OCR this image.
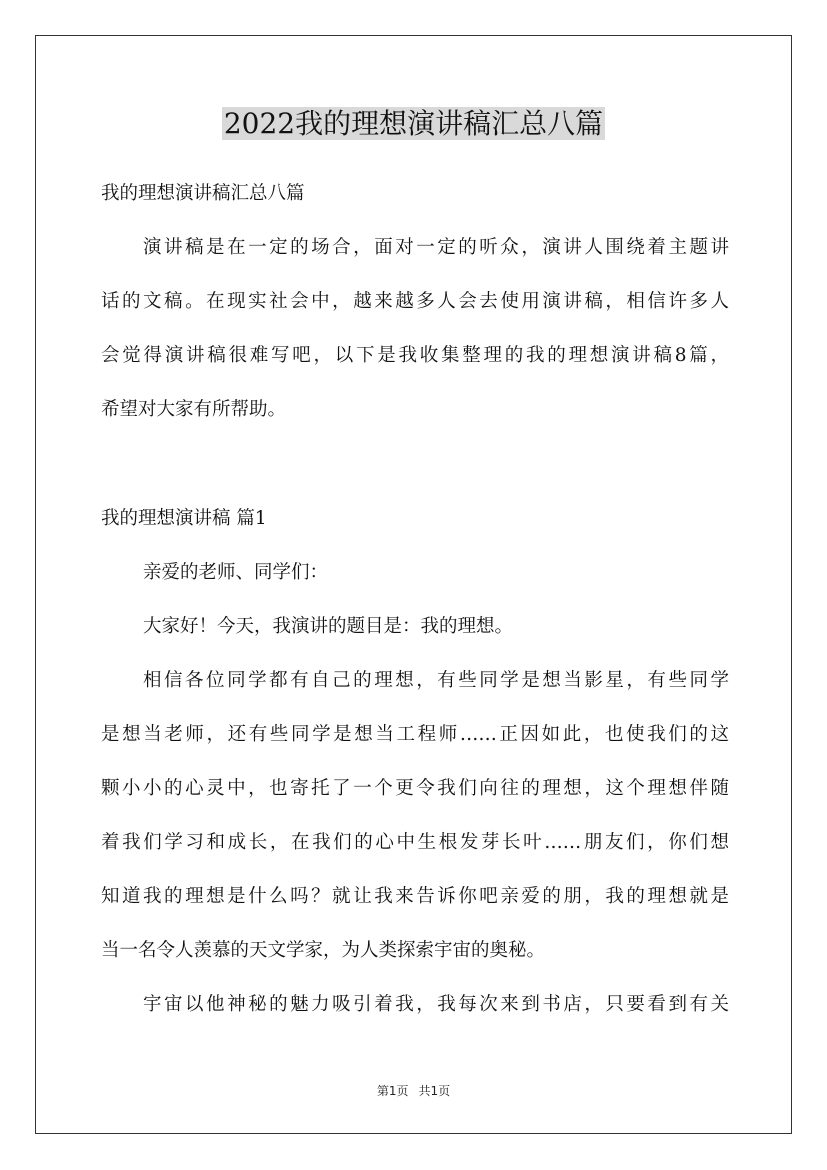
2022我的理想演讲稿汇总八篇
我的理想演讲稿汇总八篇
演讲稿是在一定的场合，面对一定的听众，演讲人围绕着主题讲
话的文稿。在现实社会中，越来越多人会去使用演讲稿，相信许多人
会觉得演讲稿很难写吧，以下是我收集整理的我的理想演讲稿8篇，
希望对大家有所帮助。
我的理想演讲稿 篇1
亲爱的老师、同学们：
大家好！今天，我演讲的题目是：我的理想。
相信各位同学都有自己的理想，有些同学是想当影星，有些同学
是想当老师，还有些同学是想当工程师……正因如此，也使我们的这
颗小小的心灵中，也寄托了一个更令我们向往的理想，这个理想伴随
着我们学习和成长，在我们的心中生根发芽长叶……朋友们，你们想
知道我的理想是什么吗？就让我来告诉你吧亲爱的朋，我的理想就是
当一名令人羡慕的天文学家，为人类探索宇宙的奥秘。
宇宙以他神秘的魅力吸引着我，我每次来到书店，只要看到有关
第1页 共1页
